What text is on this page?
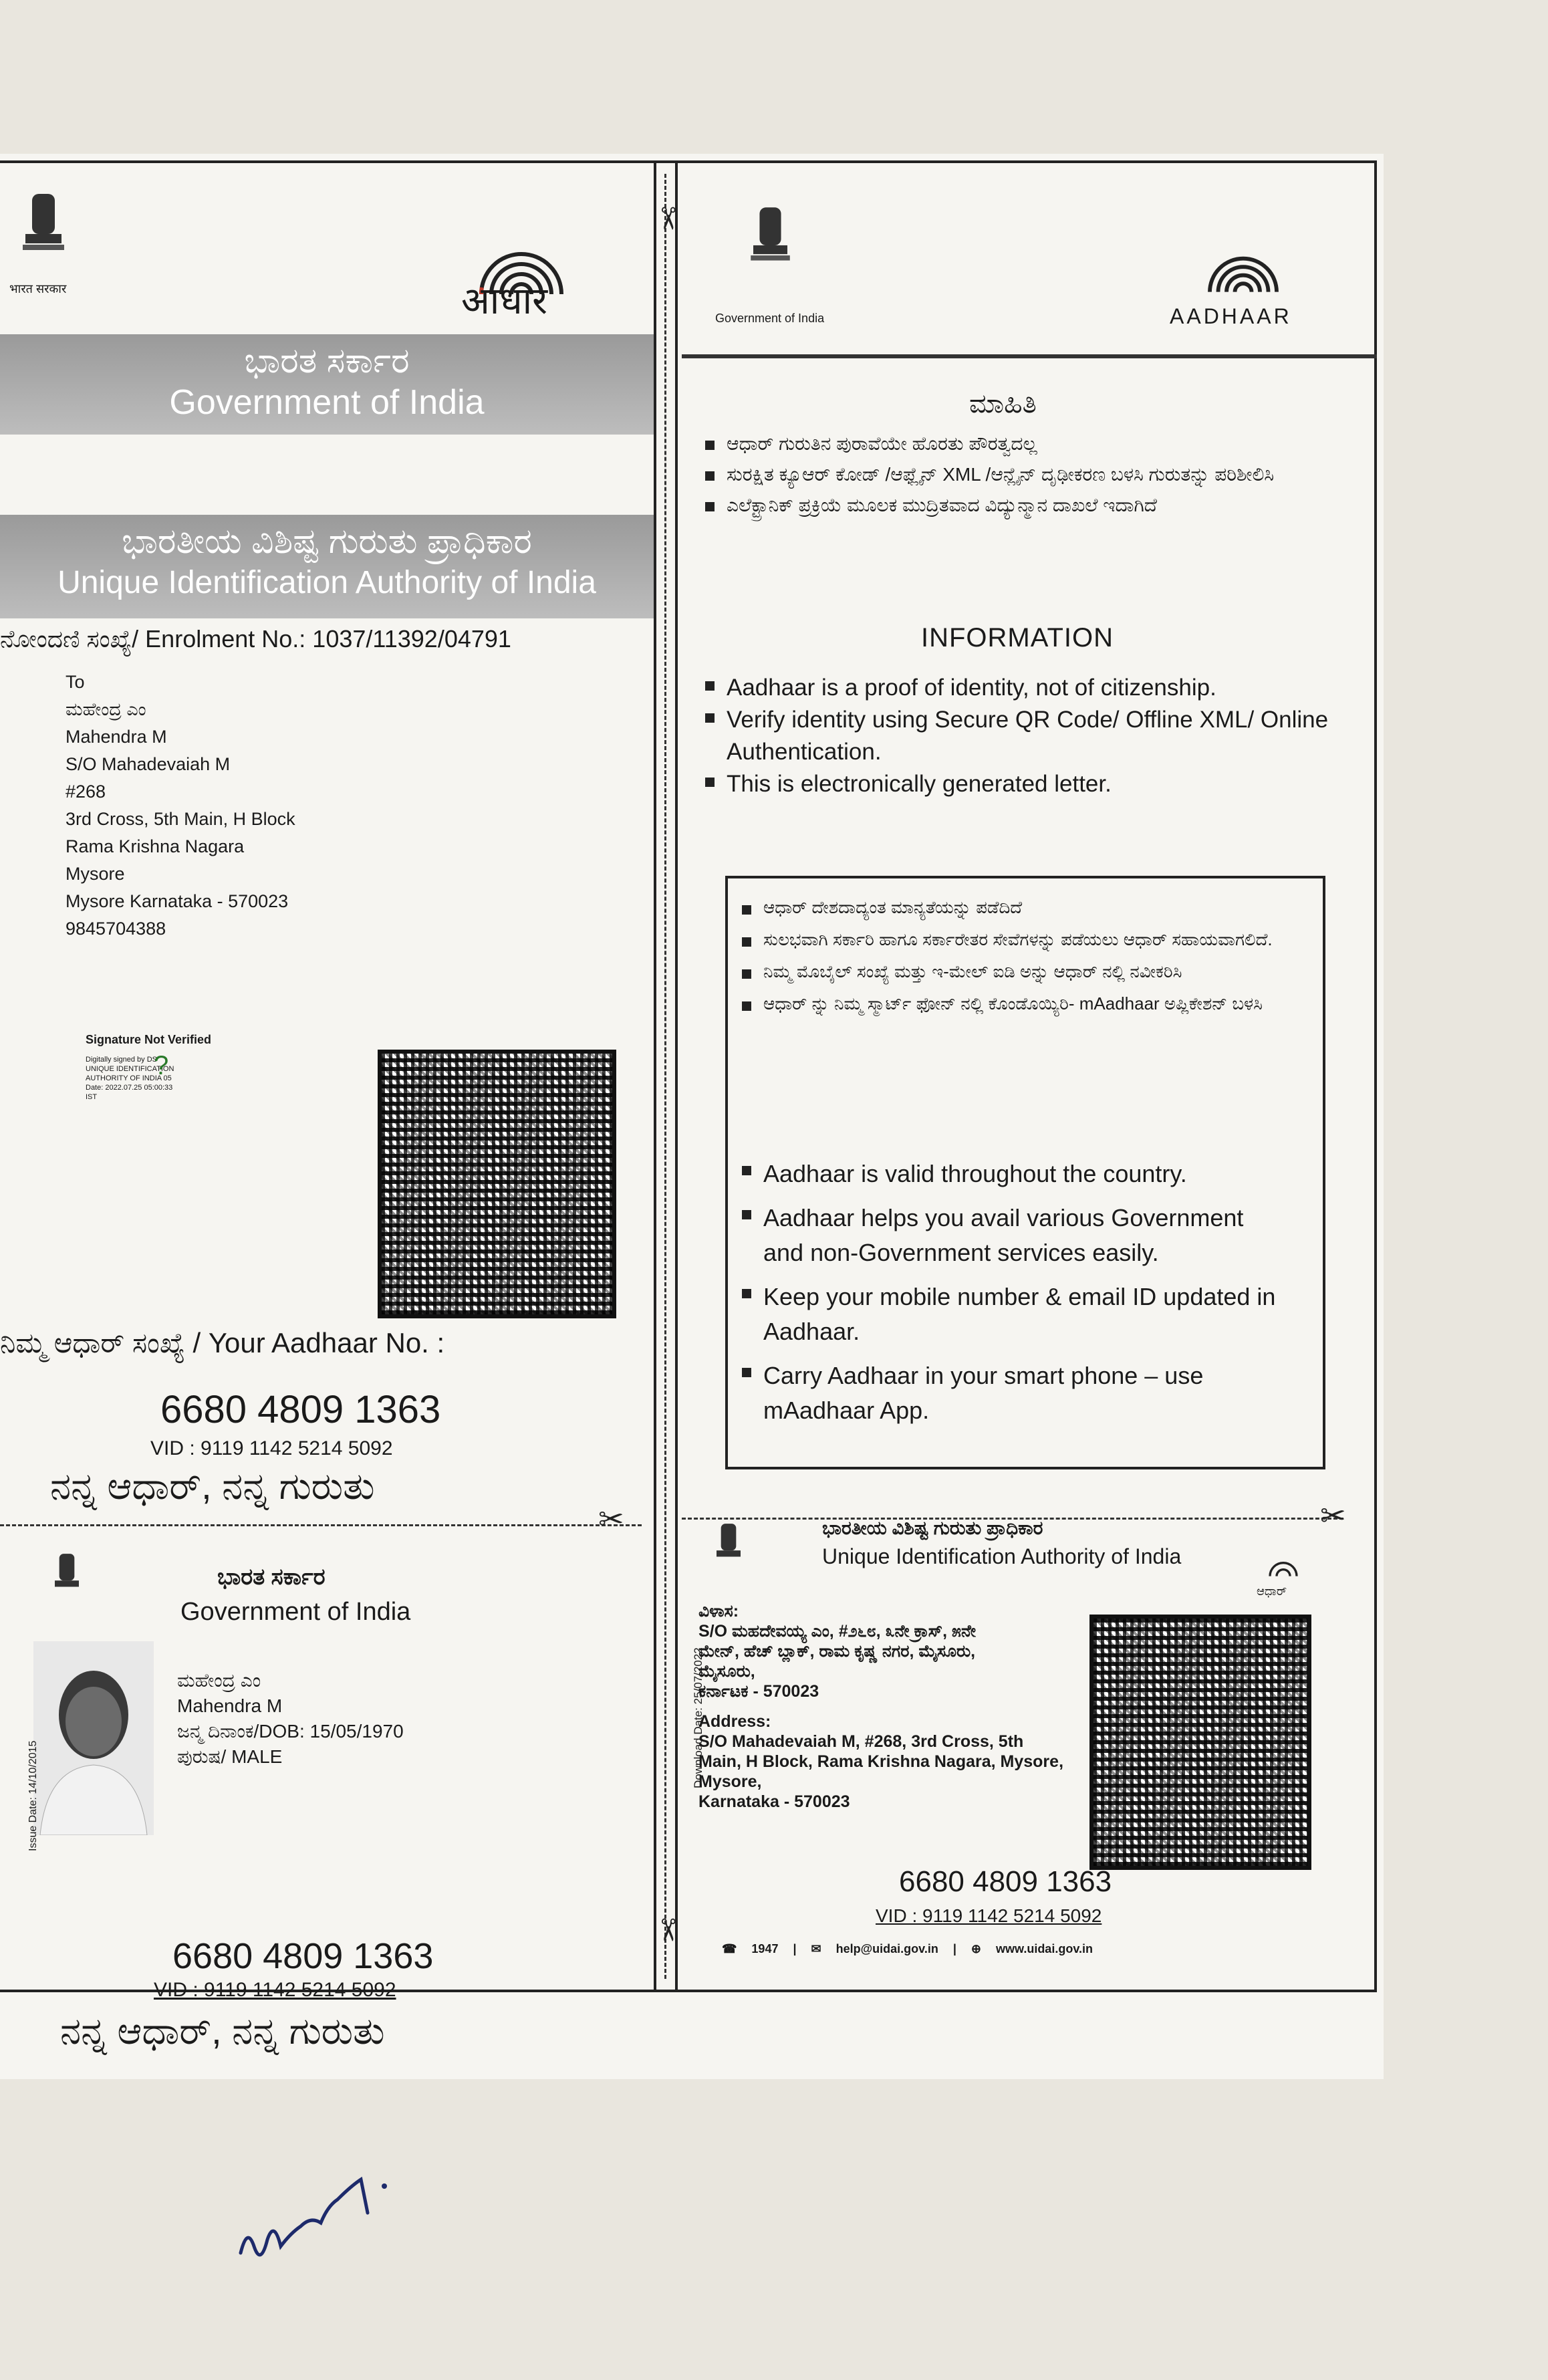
✂
✂
भारत सरकार	आधार
ಭಾರತ ಸರ್ಕಾರ
Government of India
ಭಾರತೀಯ ವಿಶಿಷ್ಟ ಗುರುತು ಪ್ರಾಧಿಕಾರ
Unique Identification Authority of India
ನೋಂದಣಿ ಸಂಖ್ಯೆ/ Enrolment No.: 1037/11392/04791
To
ಮಹೇಂದ್ರ ಎಂ
Mahendra M
S/O Mahadevaiah M
#268
3rd Cross, 5th Main, H Block
Rama Krishna Nagara
Mysore
Mysore Karnataka - 570023
9845704388
Signature Not Verified
Digitally signed by DS
UNIQUE IDENTIFICATION
AUTHORITY OF INDIA 05
Date: 2022.07.25 05:00:33
IST
?
ನಿಮ್ಮ ಆಧಾರ್ ಸಂಖ್ಯೆ / Your Aadhaar No. :
6680 4809 1363
VID : 9119 1142 5214 5092
ನನ್ನ ಆಧಾರ್, ನನ್ನ ಗುರುತು
✂
ಭಾರತ ಸರ್ಕಾರ
Government of India
ಮಹೇಂದ್ರ ಎಂ
Mahendra M
ಜನ್ಮ ದಿನಾಂಕ/DOB: 15/05/1970
ಪುರುಷ/ MALE
Issue Date: 14/10/2015
6680 4809 1363
VID : 9119 1142 5214 5092
ನನ್ನ ಆಧಾರ್, ನನ್ನ ಗುರುತು
Government of India	AADHAAR
ಮಾಹಿತಿ
ಆಧಾರ್ ಗುರುತಿನ ಪುರಾವೆಯೇ ಹೊರತು ಪೌರತ್ವದಲ್ಲ
ಸುರಕ್ಷಿತ ಕ್ಯೂಆರ್ ಕೋಡ್ /ಆಫ್ಲೈನ್ XML /ಆನ್ಲೈನ್ ದೃಢೀಕರಣ ಬಳಸಿ ಗುರುತನ್ನು ಪರಿಶೀಲಿಸಿ
ಎಲೆಕ್ಟ್ರಾನಿಕ್ ಪ್ರಕ್ರಿಯೆ ಮೂಲಕ ಮುದ್ರಿತವಾದ ವಿದ್ಯುನ್ಮಾನ ದಾಖಲೆ ಇದಾಗಿದೆ
INFORMATION
Aadhaar is a proof of identity, not of citizenship.
Verify identity using Secure QR Code/ Offline XML/ Online Authentication.
This is electronically generated letter.
ಆಧಾರ್ ದೇಶದಾದ್ಯಂತ ಮಾನ್ಯತೆಯನ್ನು ಪಡೆದಿದೆ
ಸುಲಭವಾಗಿ ಸರ್ಕಾರಿ ಹಾಗೂ ಸರ್ಕಾರೇತರ ಸೇವೆಗಳನ್ನು ಪಡೆಯಲು ಆಧಾರ್ ಸಹಾಯವಾಗಲಿದೆ.
ನಿಮ್ಮ ಮೊಬೈಲ್ ಸಂಖ್ಯೆ ಮತ್ತು ಇ-ಮೇಲ್ ಐಡಿ ಅನ್ನು ಆಧಾರ್ ನಲ್ಲಿ ನವೀಕರಿಸಿ
ಆಧಾರ್ ನ್ನು ನಿಮ್ಮ ಸ್ಮಾರ್ಟ್ ಫೋನ್ ನಲ್ಲಿ ಕೊಂಡೊಯ್ಯಿರಿ- mAadhaar ಅಪ್ಲಿಕೇಶನ್ ಬಳಸಿ
Aadhaar is valid throughout the country.
Aadhaar helps you avail various Government and non-Government services easily.
Keep your mobile number & email ID updated in Aadhaar.
Carry Aadhaar in your smart phone – use mAadhaar App.
✂
ಭಾರತೀಯ ವಿಶಿಷ್ಟ ಗುರುತು ಪ್ರಾಧಿಕಾರ
Unique Identification Authority of India
ಆಧಾರ್
Download Date: 25/07/2022
ವಿಳಾಸ:
S/O ಮಹದೇವಯ್ಯ ಎಂ, #೨೬೮, ೩ನೇ ಕ್ರಾಸ್, ೫ನೇ
ಮೇನ್, ಹೆಚ್ ಬ್ಲಾಕ್, ರಾಮ ಕೃಷ್ಣ ನಗರ, ಮೈಸೂರು,
ಮೈಸೂರು,
ಕರ್ನಾಟಕ - 570023
Address:
S/O Mahadevaiah M, #268, 3rd Cross, 5th
Main, H Block, Rama Krishna Nagara, Mysore,
Mysore,
Karnataka - 570023
6680 4809 1363
VID : 9119 1142 5214 5092
☎ 1947 | ✉ help@uidai.gov.in | ⊕ www.uidai.gov.in
